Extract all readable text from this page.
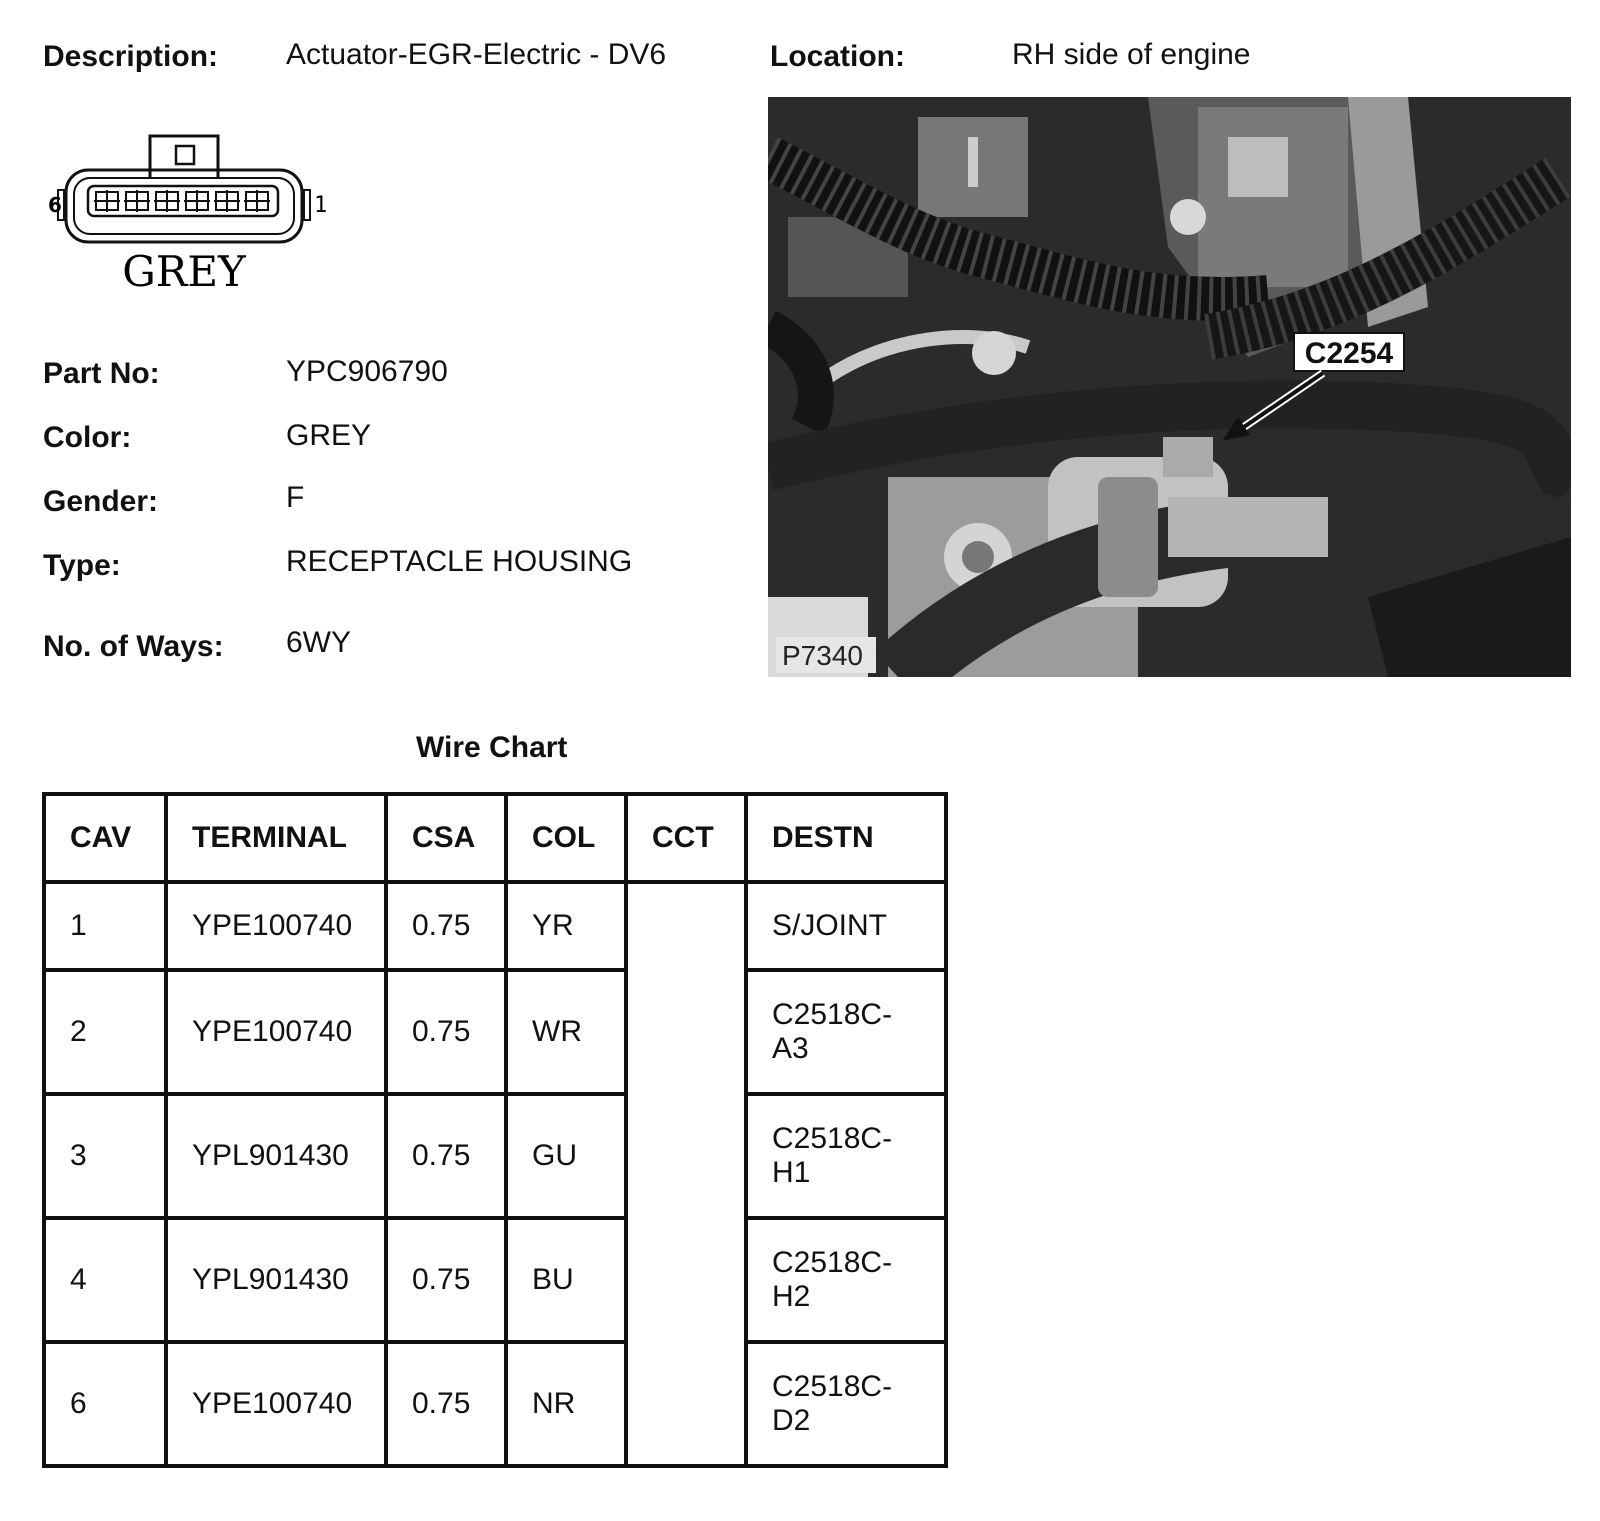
Description: Actuator-EGR-Electric - DV6	Location:	RH side of engine
6	1
GREY
Part No:	YPC906790
Color:	GREY
Gender:	F
Type:	RECEPTACLE HOUSING
No. of Ways: 6WY
C2254
P7340
Wire Chart
CAV	TERMINAL	CSA	COL	CCT	DESTN
1	YPE100740	0.75	YR		S/JOINT
2	YPE100740	0.75	WR		C2518C-
A3
3	YPL901430	0.75	GU		C2518C-
H1
4	YPL901430	0.75	BU		C2518C-
H2
6	YPE100740	0.75	NR		C2518C-
D2
